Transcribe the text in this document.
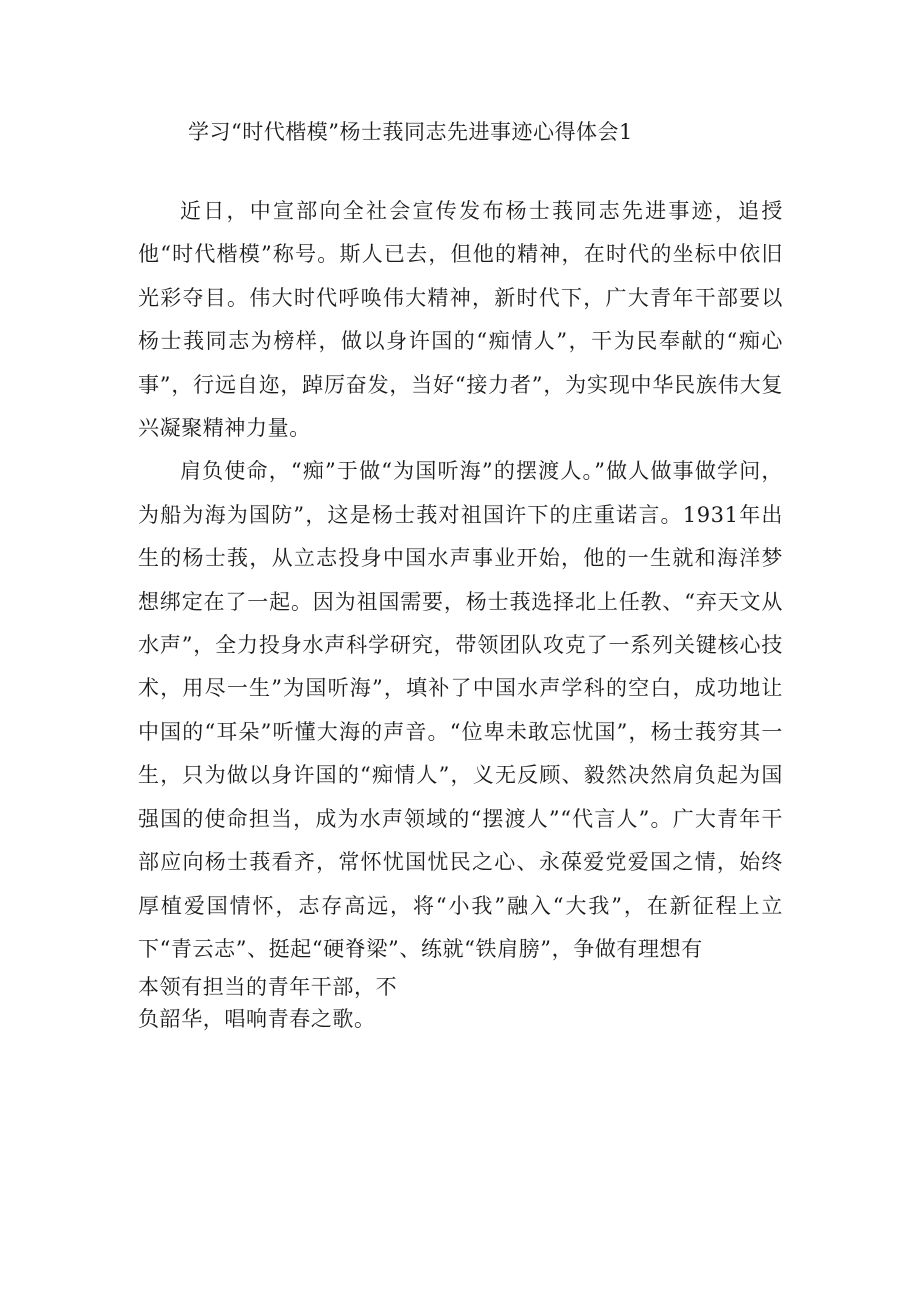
学习“时代楷模”杨士莪同志先进事迹心得体会1

近日，中宣部向全社会宣传发布杨士莪同志先进事迹，追授他“时代楷模”称号。斯人已去，但他的精神，在时代的坐标中依旧光彩夺目。伟大时代呼唤伟大精神，新时代下，广大青年干部要以杨士莪同志为榜样，做以身许国的“痴情人”，干为民奉献的“痴心事”，行远自迩，踔厉奋发，当好“接力者”，为实现中华民族伟大复兴凝聚精神力量。

肩负使命，“痴”于做“为国听海”的摆渡人。”做人做事做学问，为船为海为国防”，这是杨士莪对祖国许下的庄重诺言。1931年出生的杨士莪，从立志投身中国水声事业开始，他的一生就和海洋梦想绑定在了一起。因为祖国需要，杨士莪选择北上任教、“弃天文从水声”，全力投身水声科学研究，带领团队攻克了一系列关键核心技术，用尽一生”为国听海”，填补了中国水声学科的空白，成功地让中国的“耳朵”听懂大海的声音。“位卑未敢忘忧国”，杨士莪穷其一生，只为做以身许国的“痴情人”，义无反顾、毅然决然肩负起为国强国的使命担当，成为水声领域的“摆渡人”“代言人”。广大青年干部应向杨士莪看齐，常怀忧国忧民之心、永葆爱党爱国之情，始终厚植爱国情怀，志存高远，将“小我”融入“大我”，在新征程上立下“青云志”、挺起“硬脊梁”、练就“铁肩膀”，争做有理想有

本领有担当的青年干部，不
负韶华，唱响青春之歌。
